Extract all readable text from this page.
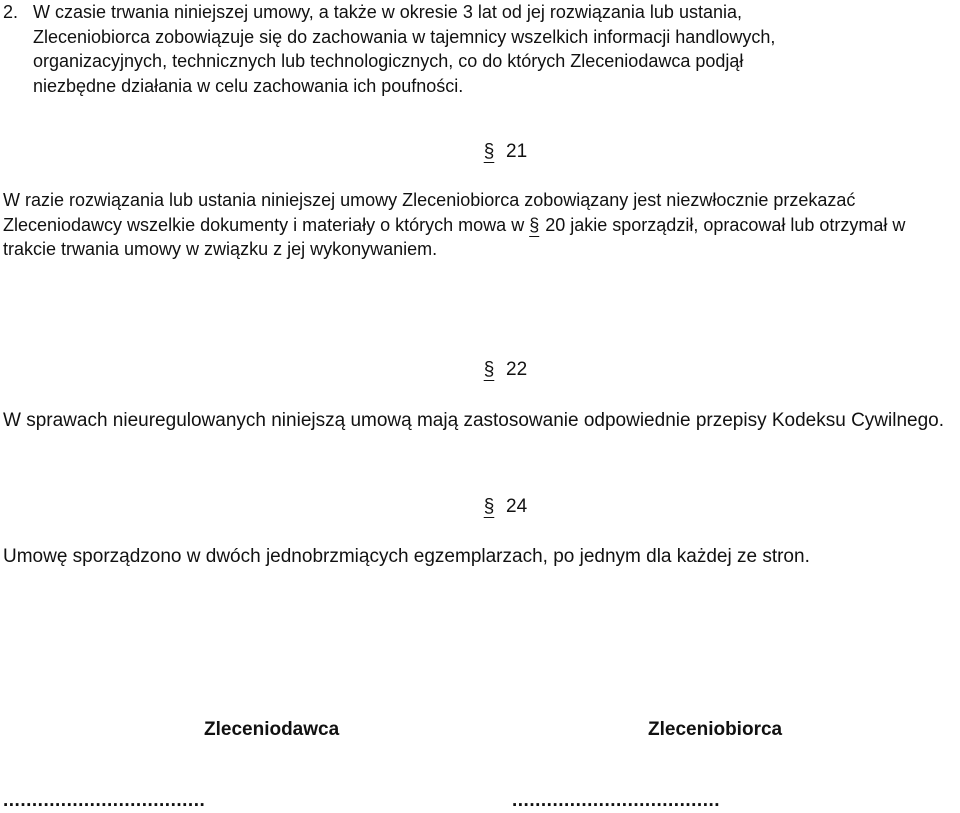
2. W czasie trwania niniejszej umowy, a także w okresie 3 lat od jej rozwiązania lub ustania, Zleceniobiorca zobowiązuje się do zachowania w tajemnicy wszelkich informacji handlowych, organizacyjnych, technicznych lub technologicznych, co do których Zleceniodawca podjął niezbędne działania w celu zachowania ich poufności.
§ 21
W razie rozwiązania lub ustania niniejszej umowy Zleceniobiorca zobowiązany jest niezwłocznie przekazać Zleceniodawcy wszelkie dokumenty i materiały o których mowa w § 20 jakie sporządził, opracował lub otrzymał w trakcie trwania umowy w związku z jej wykonywaniem.
§ 22
W sprawach nieuregulowanych niniejszą umową mają zastosowanie odpowiednie przepisy Kodeksu Cywilnego.
§ 24
Umowę sporządzono w dwóch jednobrzmiących egzemplarzach, po jednym dla każdej ze stron.
Zleceniodawca	Zleceniobiorca
...................................	....................................
